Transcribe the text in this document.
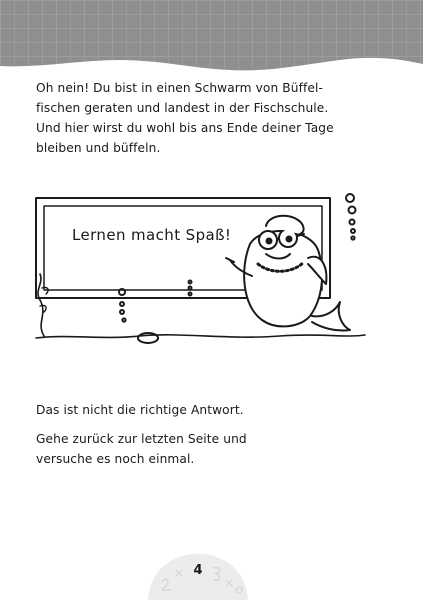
Oh nein! Du bist in einen Schwarm von Büffel-

fischen geraten und landest in der Fischschule.

Und hier wirst du wohl bis ans Ende deiner Tage

bleiben und büffeln.

Lernen macht Spaß!

Das ist nicht die richtige Antwort.

Gehe zurück zur letzten Seite und

versuche es noch einmal.

4
